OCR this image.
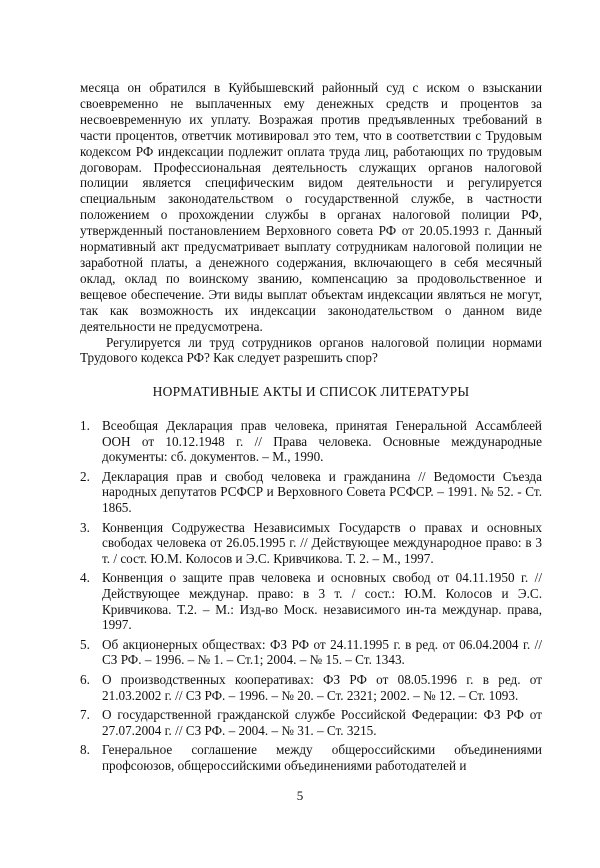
месяца он обратился в Куйбышевский районный суд с иском о взыскании своевременно не выплаченных ему денежных средств и процентов за несвоевременную их уплату. Возражая против предъявленных требований в части процентов, ответчик мотивировал это тем, что в соответствии с Трудовым кодексом РФ индексации подлежит оплата труда лиц, работающих по трудовым договорам. Профессиональная деятельность служащих органов налоговой полиции является специфическим видом деятельности и регулируется специальным законодательством о государственной службе, в частности положением о прохождении службы в органах налоговой полиции РФ, утвержденный постановлением Верховного совета РФ от 20.05.1993 г. Данный нормативный акт предусматривает выплату сотрудникам налоговой полиции не заработной платы, а денежного содержания, включающего в себя месячный оклад, оклад по воинскому званию, компенсацию за продовольственное и вещевое обеспечение. Эти виды выплат объектам индексации являться не могут, так как возможность их индексации законодательством о данном виде деятельности не предусмотрена.

Регулируется ли труд сотрудников органов налоговой полиции нормами Трудового кодекса РФ? Как следует разрешить спор?

НОРМАТИВНЫЕ АКТЫ И СПИСОК ЛИТЕРАТУРЫ
1. Всеобщая Декларация прав человека, принятая Генеральной Ассамблеей ООН от 10.12.1948 г. // Права человека. Основные международные документы: сб. документов. – М., 1990.
2. Декларация прав и свобод человека и гражданина // Ведомости Съезда народных депутатов РСФСР и Верховного Совета РСФСР. – 1991. № 52. - Ст. 1865.
3. Конвенция Содружества Независимых Государств о правах и основных свободах человека от 26.05.1995 г. // Действующее международное право: в 3 т. / сост. Ю.М. Колосов и Э.С. Кривчикова. Т. 2. – М., 1997.
4. Конвенция о защите прав человека и основных свобод от 04.11.1950 г. // Действующее междунар. право: в 3 т. / сост.: Ю.М. Колосов и Э.С. Кривчикова. Т.2. – М.: Изд-во Моск. независимого ин-та междунар. права, 1997.
5. Об акционерных обществах: ФЗ РФ от 24.11.1995 г. в ред. от 06.04.2004 г. // СЗ РФ. – 1996. – № 1. – Ст.1; 2004. – № 15. – Ст. 1343.
6. О производственных кооперативах: ФЗ РФ от 08.05.1996 г. в ред. от 21.03.2002 г. // СЗ РФ. – 1996. – № 20. – Ст. 2321; 2002. – № 12. – Ст. 1093.
7. О государственной гражданской службе Российской Федерации: ФЗ РФ от 27.07.2004 г. // СЗ РФ. – 2004. – № 31. – Ст. 3215.
8. Генеральное соглашение между общероссийскими объединениями профсоюзов, общероссийскими объединениями работодателей и
5
